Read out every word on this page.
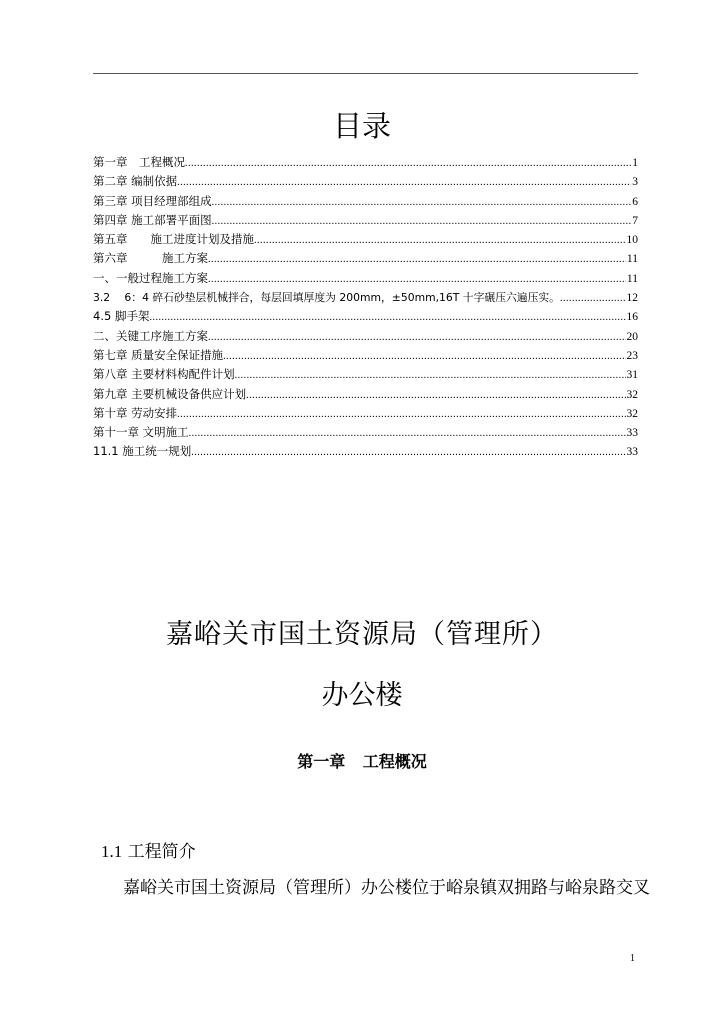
目录
第一章　工程概况 .....	1
第二章 编制依据 .....	3
第三章 项目经理部组成 .....	6
第四章 施工部署平面图 .....	7
第五章　　施工进度计划及措施 .....	10
第六章　　　施工方案 .....	11
一、一般过程施工方案 .....	11
3.2　 6：4 碎石砂垫层机械拌合，每层回填厚度为 200mm，±50mm,16T 十字碾压六遍压实。 .....	12
4.5 脚手架 .....	16
二、关键工序施工方案 .....	20
第七章 质量安全保证措施 .....	23
第八章 主要材料构配件计划 .....	31
第九章 主要机械设备供应计划 .....	32
第十章 劳动安排 .....	32
第十一章 文明施工 .....	33
11.1 施工统一规划 .....	33
嘉峪关市国土资源局（管理所）
办公楼
第一章 工程概况
1.1 工程简介

嘉峪关市国土资源局（管理所）办公楼位于峪泉镇双拥路与峪泉路交叉

1
